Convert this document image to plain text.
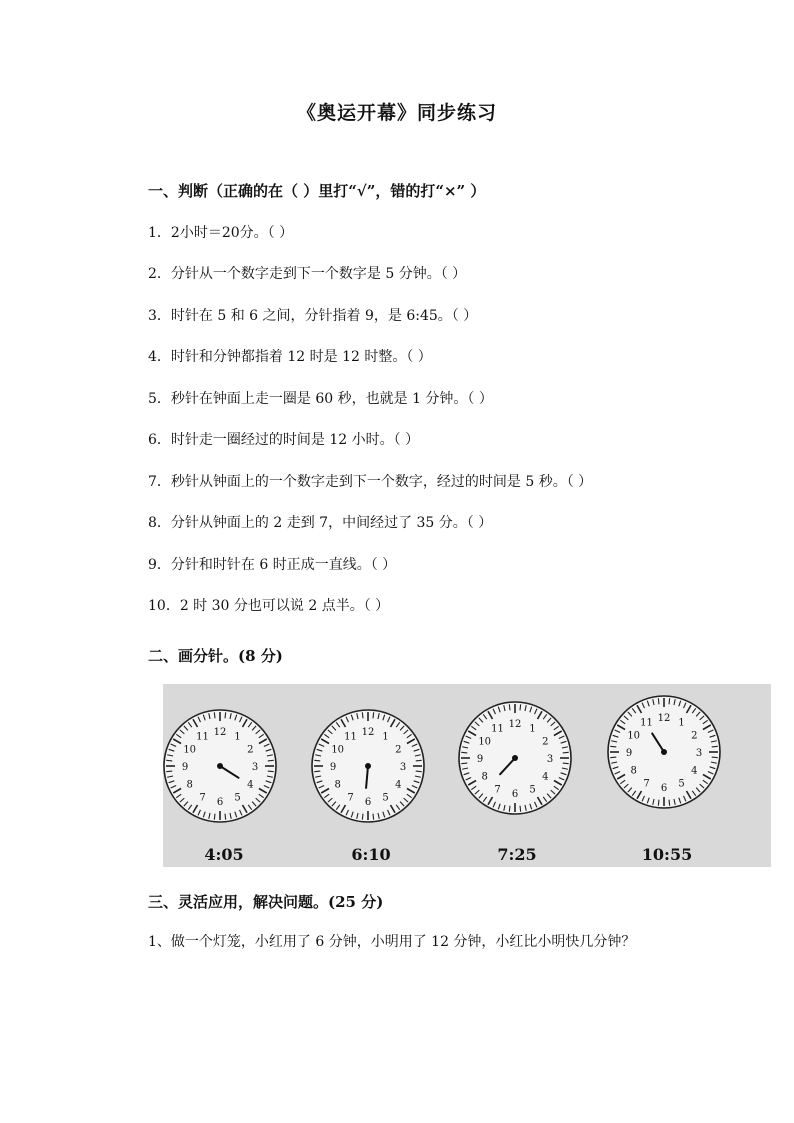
《奥运开幕》同步练习
一、判断（正确的在（ ）里打“√”，错的打“×” ）
1．2小时＝20分。（ ）
2．分针从一个数字走到下一个数字是 5 分钟。（ ）
3．时针在 5 和 6 之间，分针指着 9，是 6:45。（ ）
4．时针和分钟都指着 12 时是 12 时整。（ ）
5．秒针在钟面上走一圈是 60 秒，也就是 1 分钟。（ ）
6．时针走一圈经过的时间是 12 小时。（ ）
7．秒针从钟面上的一个数字走到下一个数字，经过的时间是 5 秒。（ ）
8．分针从钟面上的 2 走到 7，中间经过了 35 分。（ ）
9．分针和时针在 6 时正成一直线。（ ）
10．2 时 30 分也可以说 2 点半。（ ）
二、画分针。(8 分)
1
2
3
4
5
6
7
8
9
10
11 12	1
2
3
4
5
6
7
8
9
10
11 12	1
2
3
4
5
6
7
8
9
10
11 12	1
2
3
4
5
6
7
8
9
10
11 12
4:05	6:10	7:25	10:55
三、灵活应用，解决问题。(25 分)
1、做一个灯笼，小红用了 6 分钟，小明用了 12 分钟，小红比小明快几分钟？
